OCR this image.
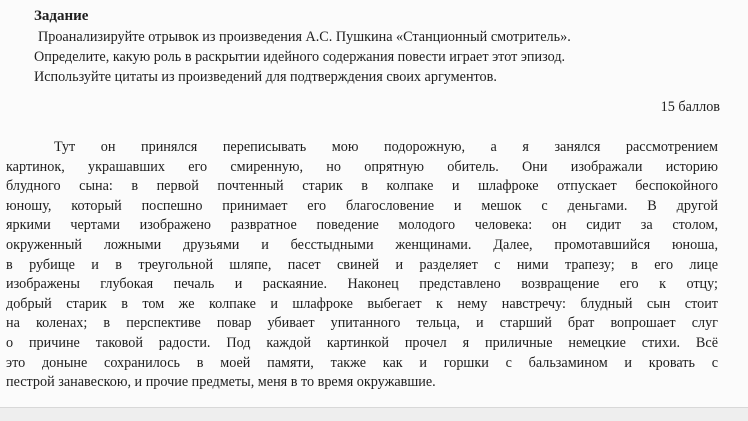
Задание
Проанализируйте отрывок из произведения А.С. Пушкина «Станционный смотритель».
Определите, какую роль в раскрытии идейного содержания повести играет этот эпизод.
Используйте цитаты из произведений для подтверждения своих аргументов.
15 баллов
Тут он принялся переписывать мою подорожную, а я занялся рассмотрением
картинок, украшавших его смиренную, но опрятную обитель. Они изображали историю
блудного сына: в первой почтенный старик в колпаке и шлафроке отпускает беспокойного
юношу, который поспешно принимает его благословение и мешок с деньгами. В другой
яркими чертами изображено развратное поведение молодого человека: он сидит за столом,
окруженный ложными друзьями и бесстыдными женщинами. Далее, промотавшийся юноша,
в рубище и в треугольной шляпе, пасет свиней и разделяет с ними трапезу; в его лице
изображены глубокая печаль и раскаяние. Наконец представлено возвращение его к отцу;
добрый старик в том же колпаке и шлафроке выбегает к нему навстречу: блудный сын стоит
на коленах; в перспективе повар убивает упитанного тельца, и старший брат вопрошает слуг
о причине таковой радости. Под каждой картинкой прочел я приличные немецкие стихи. Всё
это доныне сохранилось в моей памяти, также как и горшки с бальзамином и кровать с
пестрой занавескою, и прочие предметы, меня в то время окружавшие.
